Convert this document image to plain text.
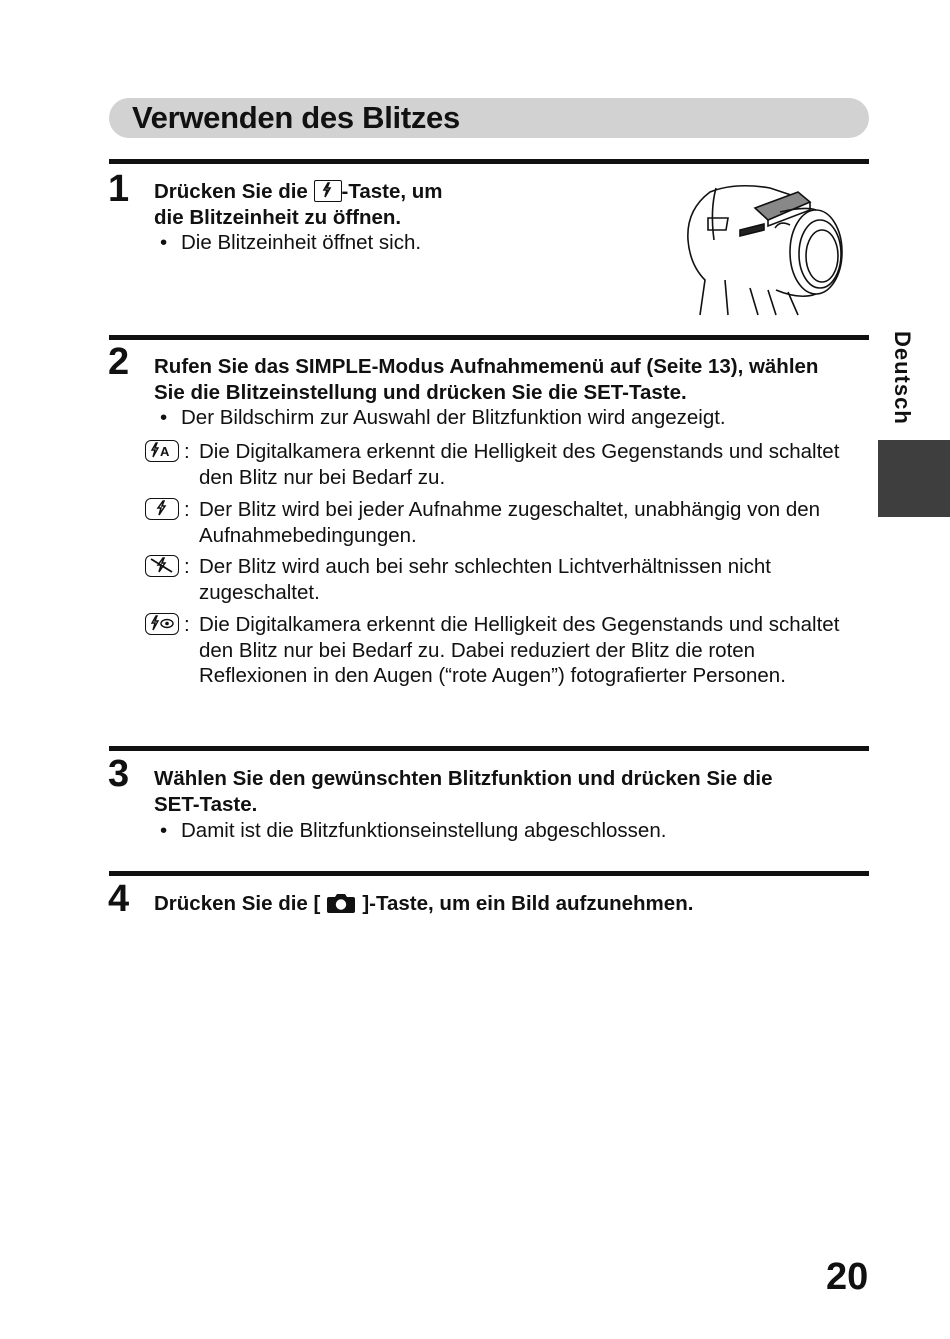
Verwenden des Blitzes
1 Drücken Sie die
-Taste, um
die Blitzeinheit zu öffnen.
• Die Blitzeinheit öffnet sich.
2 Rufen Sie das SIMPLE-Modus Aufnahmemenü auf (Seite 13), wählen
Sie die Blitzeinstellung und drücken Sie die SET-Taste.
• Der Bildschirm zur Auswahl der Blitzfunktion wird angezeigt.
A : Die Digitalkamera erkennt die Helligkeit des Gegenstands und schaltet den Blitz nur bei Bedarf zu.
: Der Blitz wird bei jeder Aufnahme zugeschaltet, unabhängig von den Aufnahmebedingungen.
: Der Blitz wird auch bei sehr schlechten Lichtverhältnissen nicht zugeschaltet.
: Die Digitalkamera erkennt die Helligkeit des Gegenstands und schaltet den Blitz nur bei Bedarf zu. Dabei reduziert der Blitz die roten Reflexionen in den Augen (“rote Augen”) fotografierter Personen.
3 Wählen Sie den gewünschten Blitzfunktion und drücken Sie die
SET-Taste.
• Damit ist die Blitzfunktionseinstellung abgeschlossen.
4 Drücken Sie die [ ]-Taste, um ein Bild aufzunehmen.
Deutsch
20
